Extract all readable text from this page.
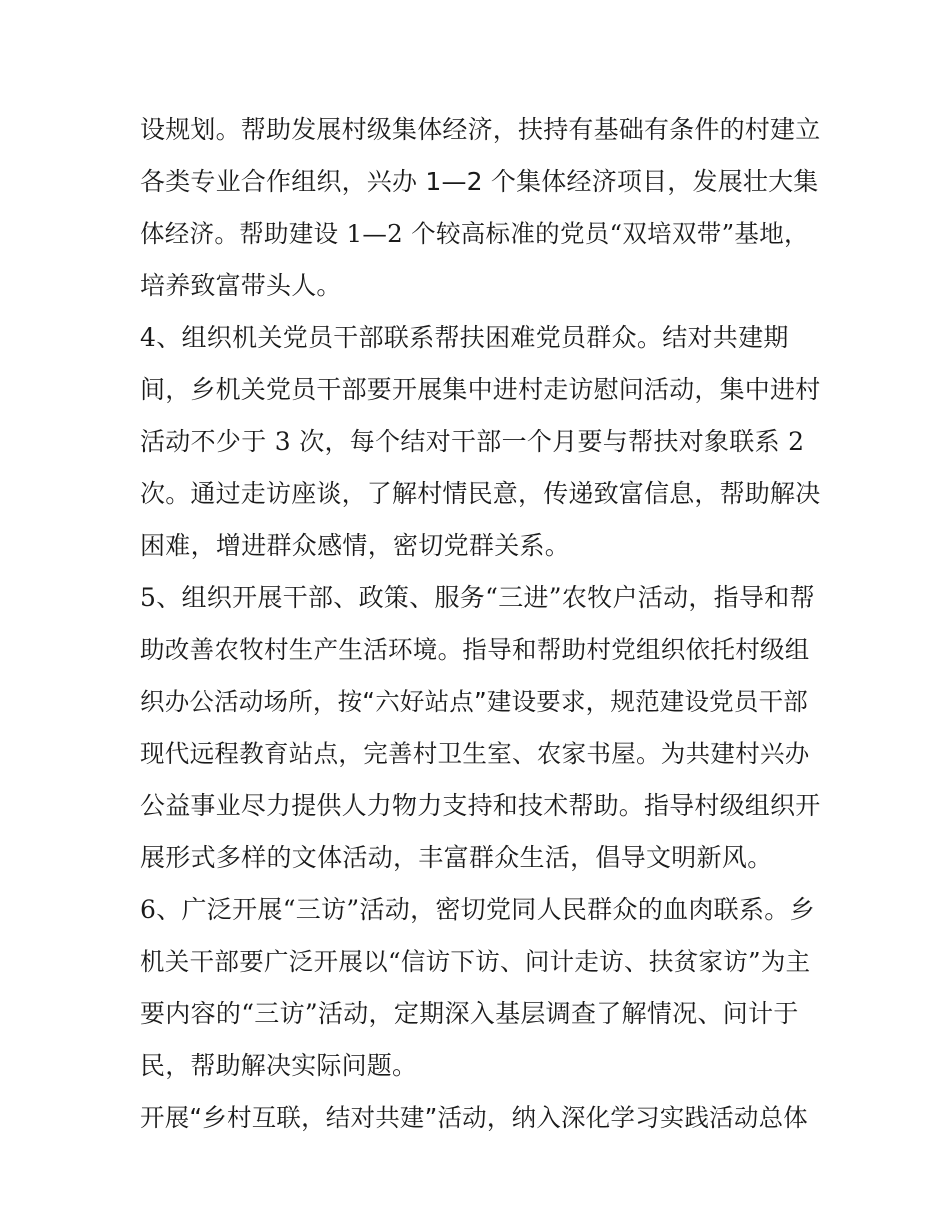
设规划。帮助发展村级集体经济，扶持有基础有条件的村建立
各类专业合作组织，兴办 1—2 个集体经济项目，发展壮大集
体经济。帮助建设 1—2 个较高标准的党员“双培双带”基地，
培养致富带头人。
4、组织机关党员干部联系帮扶困难党员群众。结对共建期
间，乡机关党员干部要开展集中进村走访慰问活动，集中进村
活动不少于 3 次，每个结对干部一个月要与帮扶对象联系 2
次。通过走访座谈，了解村情民意，传递致富信息，帮助解决
困难，增进群众感情，密切党群关系。
5、组织开展干部、政策、服务“三进”农牧户活动，指导和帮
助改善农牧村生产生活环境。指导和帮助村党组织依托村级组
织办公活动场所，按“六好站点”建设要求，规范建设党员干部
现代远程教育站点，完善村卫生室、农家书屋。为共建村兴办
公益事业尽力提供人力物力支持和技术帮助。指导村级组织开
展形式多样的文体活动，丰富群众生活，倡导文明新风。
6、广泛开展“三访”活动，密切党同人民群众的血肉联系。乡
机关干部要广泛开展以“信访下访、问计走访、扶贫家访”为主
要内容的“三访”活动，定期深入基层调查了解情况、问计于
民，帮助解决实际问题。
开展“乡村互联，结对共建”活动，纳入深化学习实践活动总体
